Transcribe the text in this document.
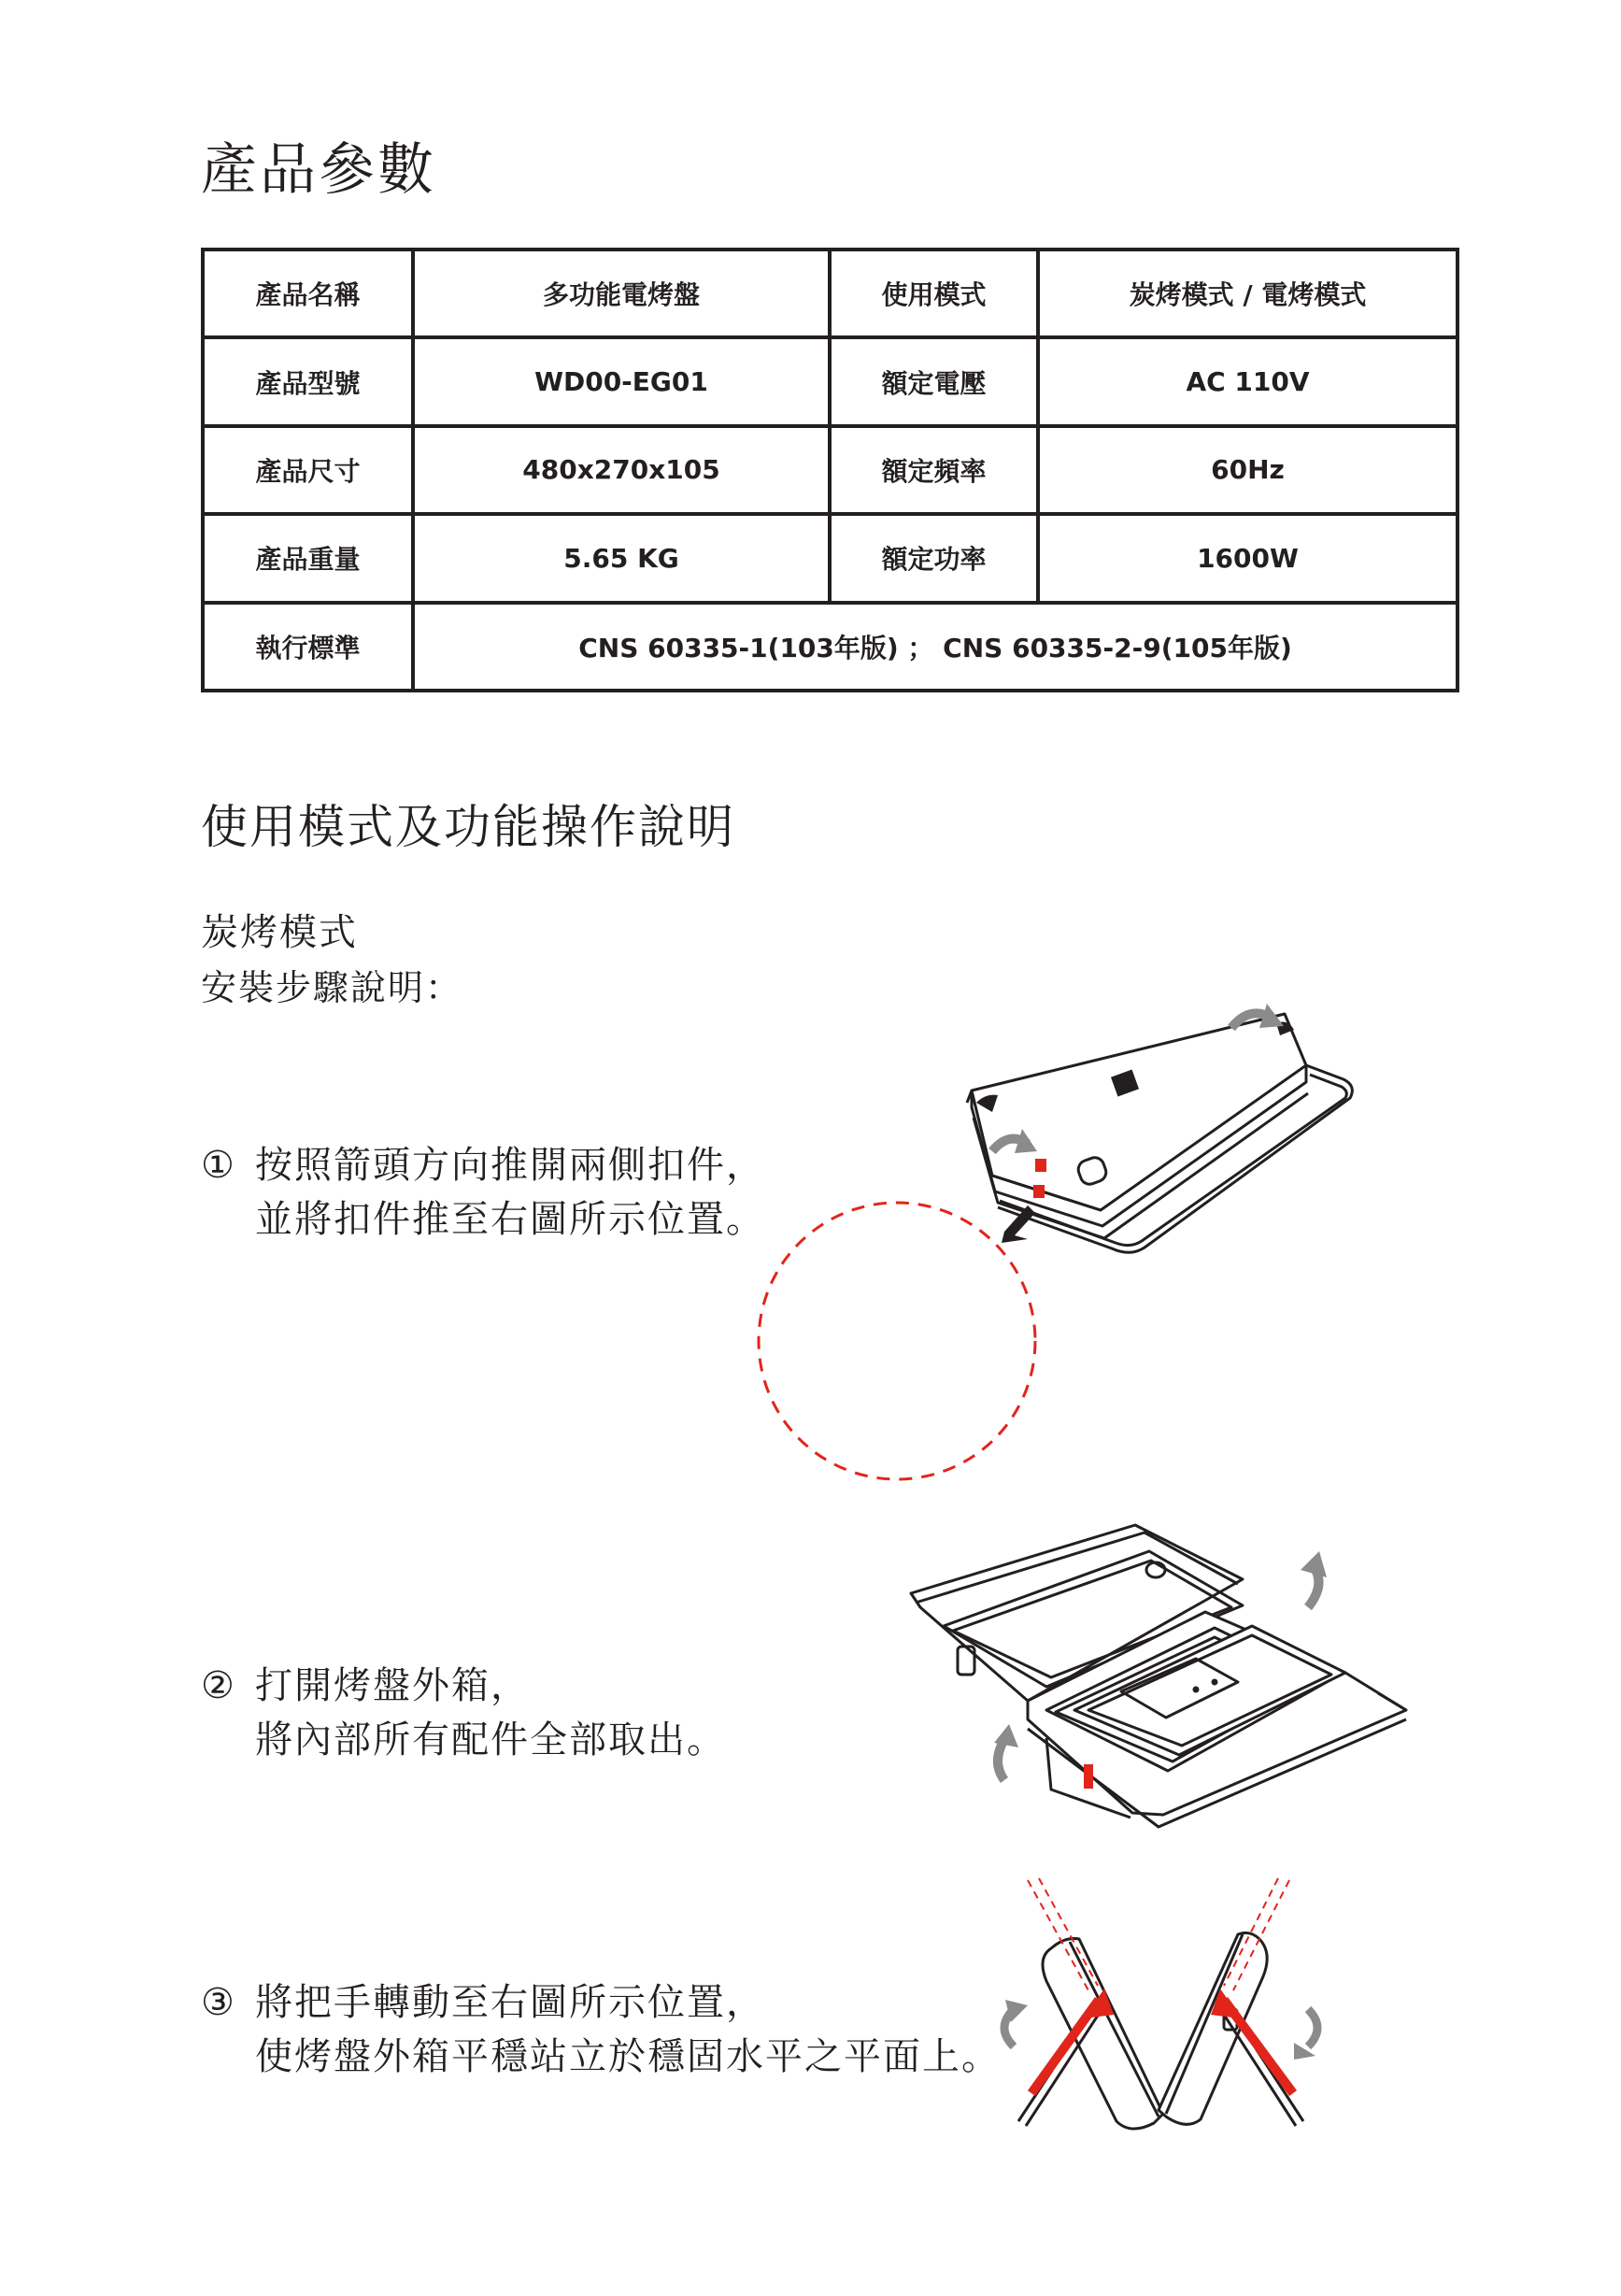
產品參數
產品名稱	多功能電烤盤	使用模式	炭烤模式 / 電烤模式
產品型號	WD00-EG01	額定電壓	AC 110V
產品尺寸	480x270x105	額定頻率	60Hz
產品重量	5.65 KG	額定功率	1600W
執行標準	CNS 60335-1(103年版) ； CNS 60335-2-9(105年版)		
使用模式及功能操作說明
炭烤模式
安裝步驟說明：
① 按照箭頭方向推開兩側扣件，
並將扣件推至右圖所示位置。
② 打開烤盤外箱，
將內部所有配件全部取出。
③ 將把手轉動至右圖所示位置，
使烤盤外箱平穩站立於穩固水平之平面上。
